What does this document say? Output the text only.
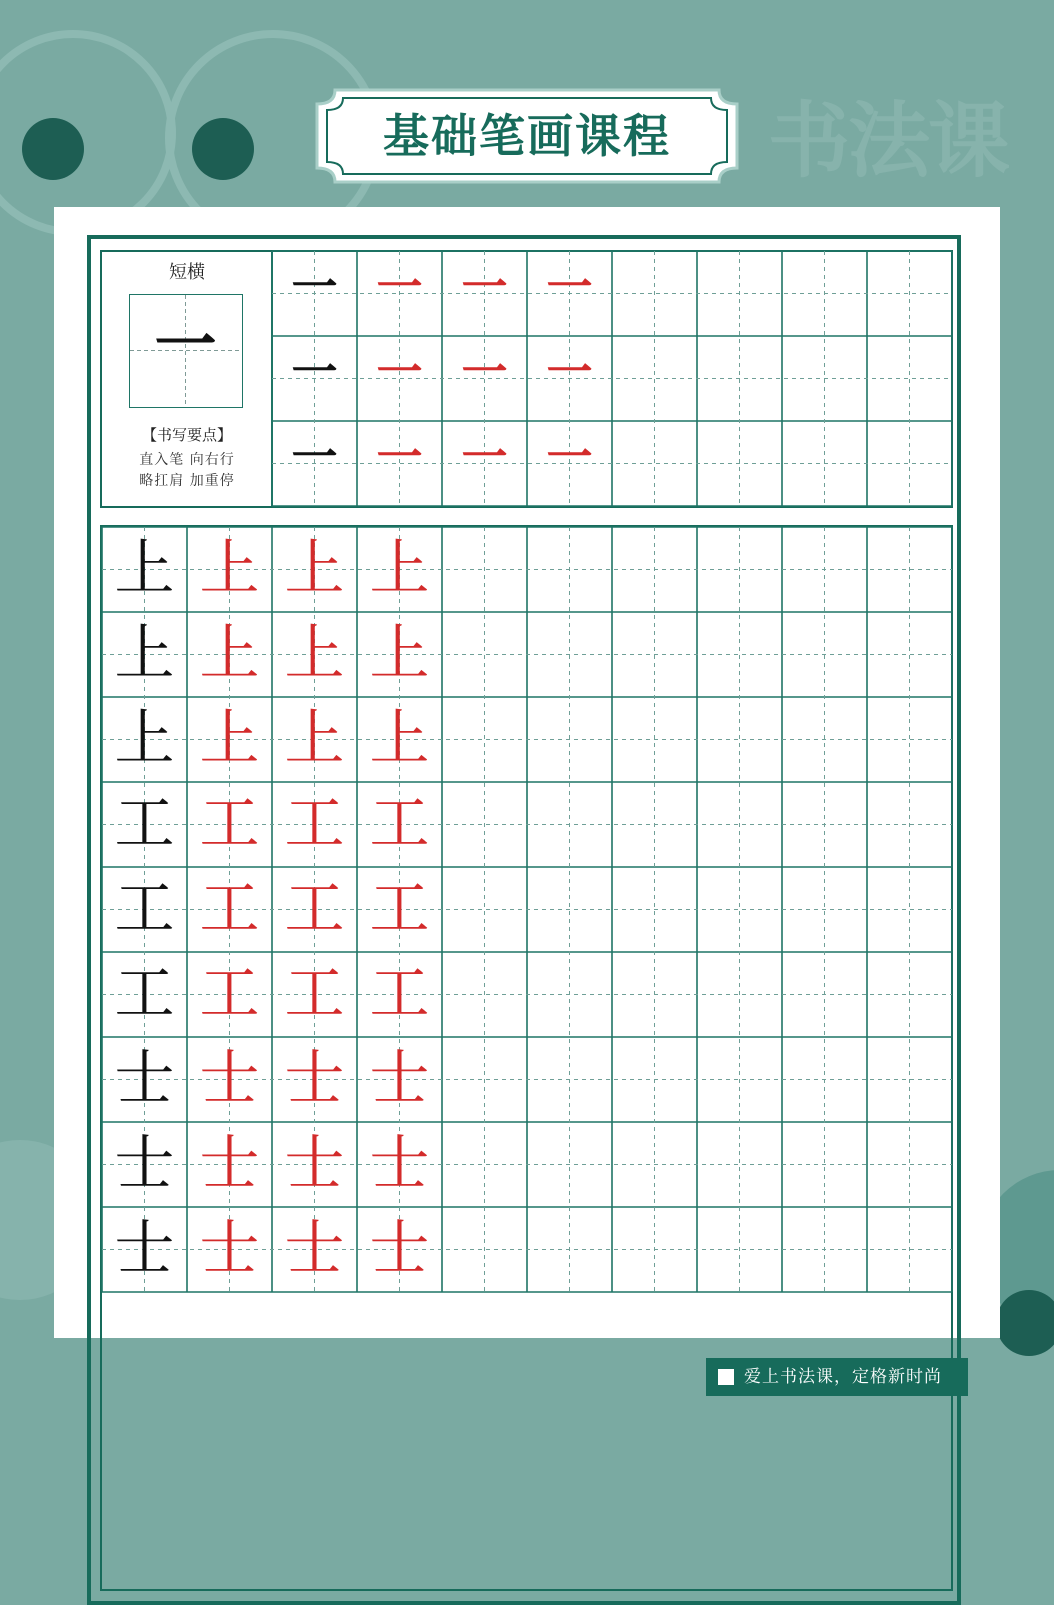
书法课
基础笔画课程
短横
一
【书写要点】
直入笔 向右行
略扛肩 加重停
一 一 一 一
一 一 一 一
一 一 一 一
上 上 上 上
上 上 上 上
上 上 上 上
工 工 工 工
工 工 工 工
工 工 工 工
士 士 士 士
士 士 士 士
士 士 士 士
爱上书法课，定格新时尚
